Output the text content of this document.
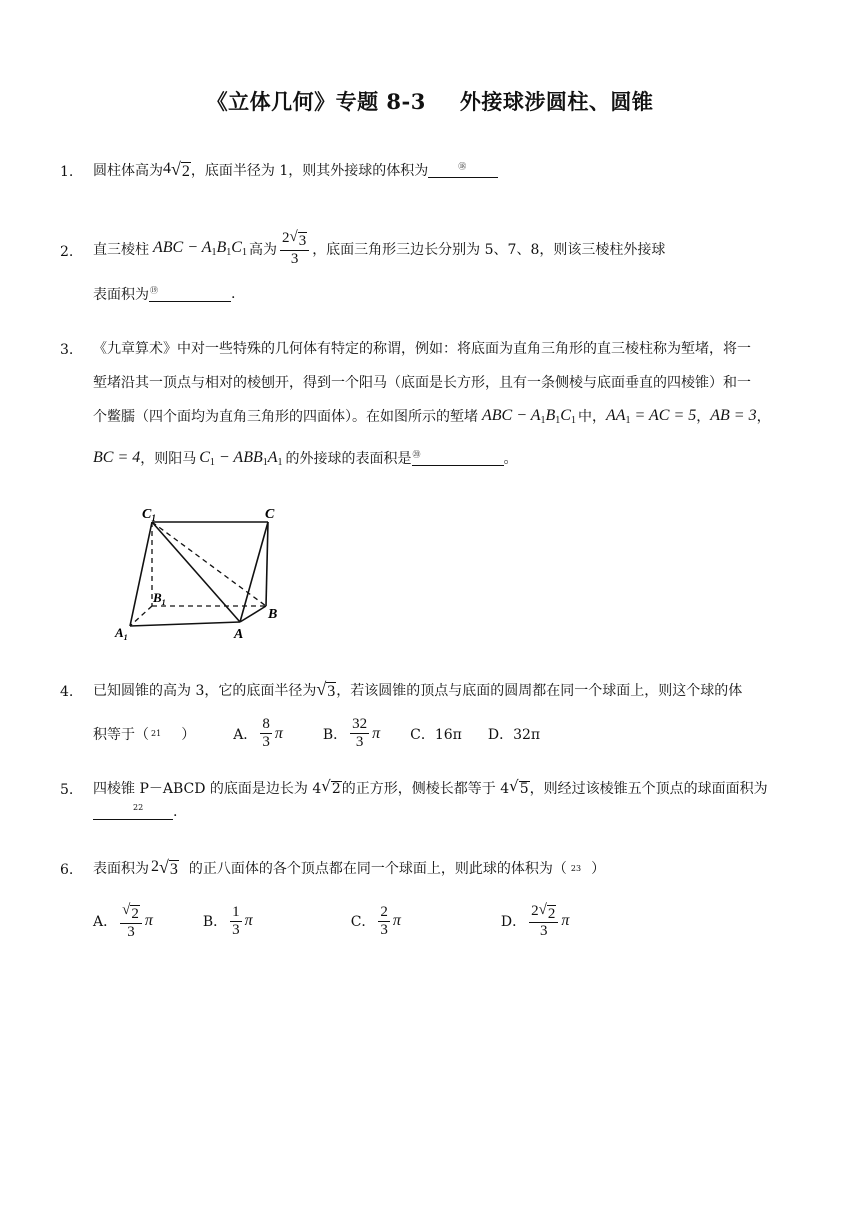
《立体几何》专题 8-3 外接球涉圆柱、圆锥
1. 圆柱体高为 4 √ 2 ，底面半径为 1，则其外接球的体积为	⑱
2. 直三棱柱 ABC − $A_1B_1C_1$ 高为 $\frac{2 √ 3}{3}$ ，底面三角形三边长分别为 5、7、8，则该三棱柱外接球
表面积为 ⑲	.
3. 《九章算术》中对一些特殊的几何体有特定的称谓，例如：将底面为直角三角形的直三棱柱称为堑堵，将一
堑堵沿其一顶点与相对的棱刨开，得到一个阳马（底面是长方形，且有一条侧棱与底面垂直的四棱锥）和一
个鳖臑（四个面均为直角三角形的四面体）。在如图所示的堑堵 ABC − $A_1B_1C_1$ 中， $AA_1$ = AC = 5 ， AB = 3 ，
BC = 4 ，则阳马 $C_1 - ABB_1A_1$ 的外接球的表面积是 ⑳	。
$C_1$	C
$B_1$
B
$A_1$	A
4. 已知圆锥的高为 3，它的底面半径为 √ 3 ，若该圆锥的顶点与底面的圆周都在同一个球面上，则这个球的体
积等于（ 21 ）	A． $\frac{8}{3}$ π	B． $\frac{32}{3}$ π C．16π D．32π
5. 四棱锥 P－ABCD 的底面是边长为 4 √ 2 的正方形，侧棱长都等于 4 √ 5 ，则经过该棱锥五个顶点的球面面积为
22 .
6. 表面积为 2 √ 3 的正八面体的各个顶点都在同一个球面上，则此球的体积为（ 23 ）
A． $\frac{√ 2}{3}$ π	B． $\frac{1}{3}$ π	C． $\frac{2}{3}$ π	D． $\frac{2 √ 2}{3}$ π
